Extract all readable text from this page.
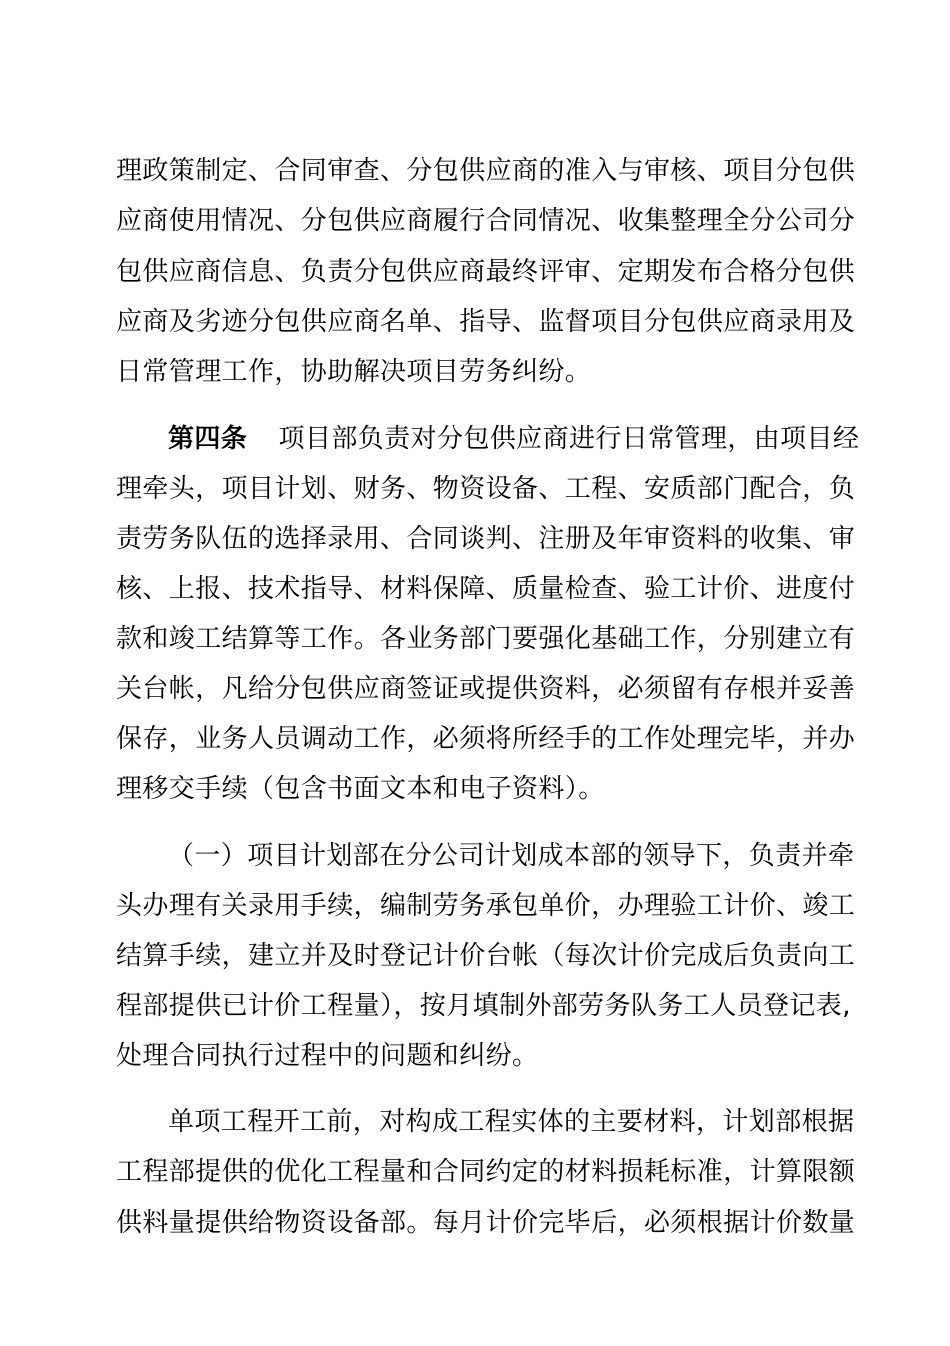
理政策制定、合同审查、分包供应商的准入与审核、项目分包供
应商使用情况、分包供应商履行合同情况、收集整理全分公司分
包供应商信息、负责分包供应商最终评审、定期发布合格分包供
应商及劣迹分包供应商名单、指导、监督项目分包供应商录用及
日常管理工作，协助解决项目劳务纠纷。
第四条 项目部负责对分包供应商进行日常管理，由项目经
理牵头，项目计划、财务、物资设备、工程、安质部门配合，负
责劳务队伍的选择录用、合同谈判、注册及年审资料的收集、审
核、上报、技术指导、材料保障、质量检查、验工计价、进度付
款和竣工结算等工作。各业务部门要强化基础工作，分别建立有
关台帐，凡给分包供应商签证或提供资料，必须留有存根并妥善
保存，业务人员调动工作，必须将所经手的工作处理完毕，并办
理移交手续（包含书面文本和电子资料）。
（一）项目计划部在分公司计划成本部的领导下，负责并牵
头办理有关录用手续，编制劳务承包单价，办理验工计价、竣工
结算手续，建立并及时登记计价台帐（每次计价完成后负责向工
程部提供已计价工程量），按月填制外部劳务队务工人员登记表,
处理合同执行过程中的问题和纠纷。
单项工程开工前，对构成工程实体的主要材料，计划部根据
工程部提供的优化工程量和合同约定的材料损耗标准，计算限额
供料量提供给物资设备部。每月计价完毕后，必须根据计价数量
